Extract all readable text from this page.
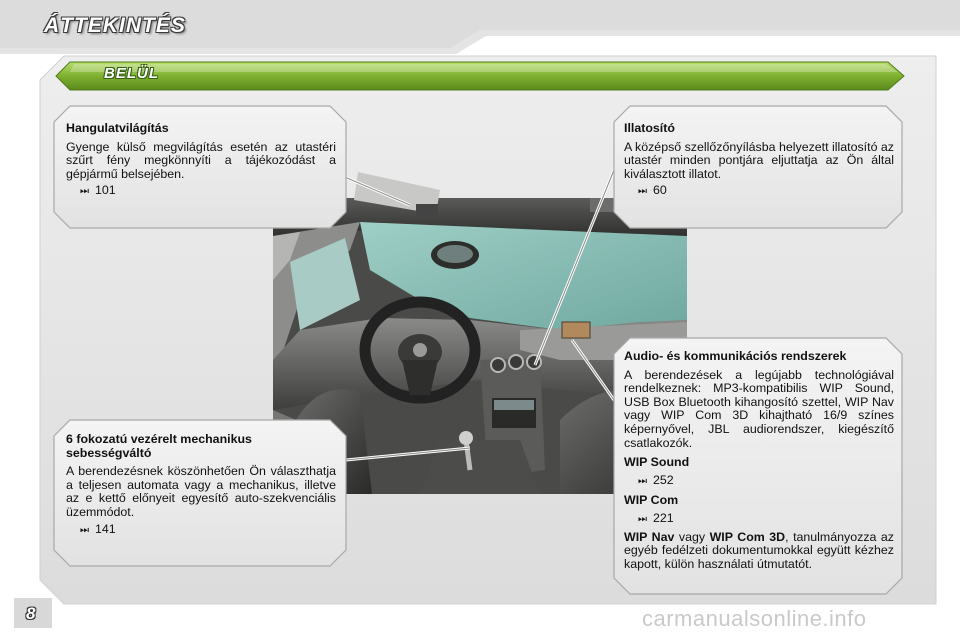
ÁTTEKINTÉS
BELÜL
Hangulatvilágítás

Gyenge külső megvilágítás esetén az utastéri szűrt fény megkönnyíti a tájékozódást a gépjármű belsejében.

⏭ 101
Illatosító

A középső szellőzőnyílásba helyezett illatosító az utastér minden pontjára eljuttatja az Ön által kiválasztott illatot.

⏭ 60
Audio- és kommunikációs rendszerek

A berendezések a legújabb technológiával rendelkeznek: MP3-kompatibilis WIP Sound, USB Box Bluetooth kihangosító szettel, WIP Nav vagy WIP Com 3D kihajtható 16/9 színes képernyővel, JBL audiorendszer, kiegészítő csatlakozók.

WIP Sound
⏭ 252
WIP Com
⏭ 221

WIP Nav vagy WIP Com 3D, tanulmányozza az egyéb fedélzeti dokumentumokkal együtt kézhez kapott, külön használati útmutatót.

6 fokozatú vezérelt mechanikus sebességváltó

A berendezésnek köszönhetően Ön választhatja a teljesen automata vagy a mechanikus, illetve az e kettő előnyeit egyesítő auto-szekvenciális üzemmódot.

⏭ 141
8	carmanualsonline.info
